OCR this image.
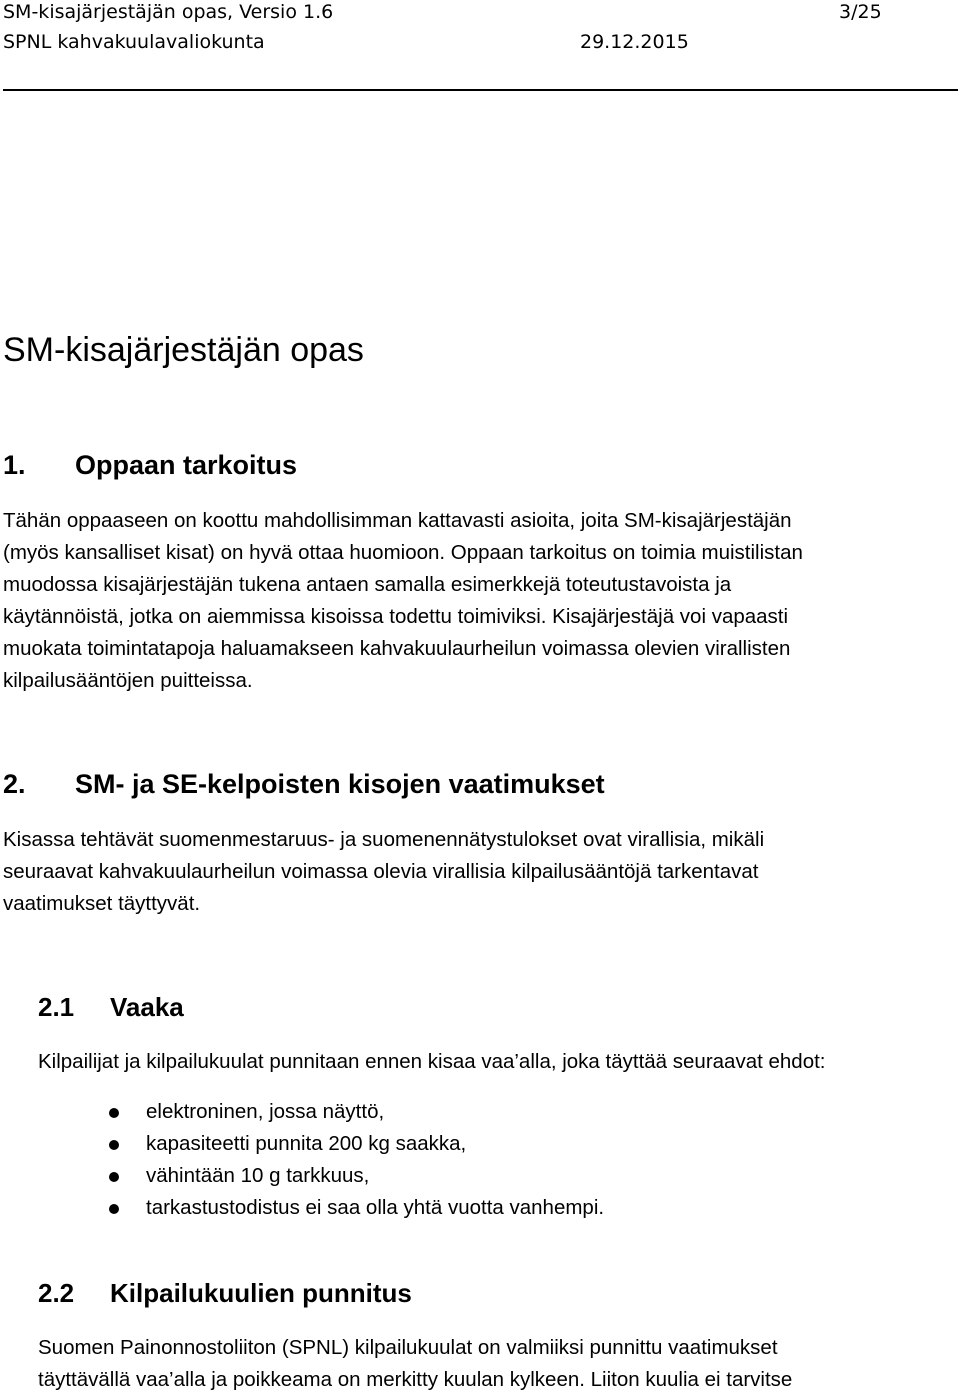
SM-kisajärjestäjän opas, Versio 1.6	3/25
SPNL kahvakuulavaliokunta	29.12.2015
SM-kisajärjestäjän opas
1. Oppaan tarkoitus
Tähän oppaaseen on koottu mahdollisimman kattavasti asioita, joita SM-kisajärjestäjän
(myös kansalliset kisat) on hyvä ottaa huomioon. Oppaan tarkoitus on toimia muistilistan
muodossa kisajärjestäjän tukena antaen samalla esimerkkejä toteutustavoista ja
käytännöistä, jotka on aiemmissa kisoissa todettu toimiviksi. Kisajärjestäjä voi vapaasti
muokata toimintatapoja haluamakseen kahvakuulaurheilun voimassa olevien virallisten
kilpailusääntöjen puitteissa.
2. SM- ja SE-kelpoisten kisojen vaatimukset
Kisassa tehtävät suomenmestaruus- ja suomenennätystulokset ovat virallisia, mikäli
seuraavat kahvakuulaurheilun voimassa olevia virallisia kilpailusääntöjä tarkentavat
vaatimukset täyttyvät.
2.1 Vaaka
Kilpailijat ja kilpailukuulat punnitaan ennen kisaa vaa’alla, joka täyttää seuraavat ehdot:
elektroninen, jossa näyttö,
kapasiteetti punnita 200 kg saakka,
vähintään 10 g tarkkuus,
tarkastustodistus ei saa olla yhtä vuotta vanhempi.
2.2 Kilpailukuulien punnitus
Suomen Painonnostoliiton (SPNL) kilpailukuulat on valmiiksi punnittu vaatimukset
täyttävällä vaa’alla ja poikkeama on merkitty kuulan kylkeen. Liiton kuulia ei tarvitse
